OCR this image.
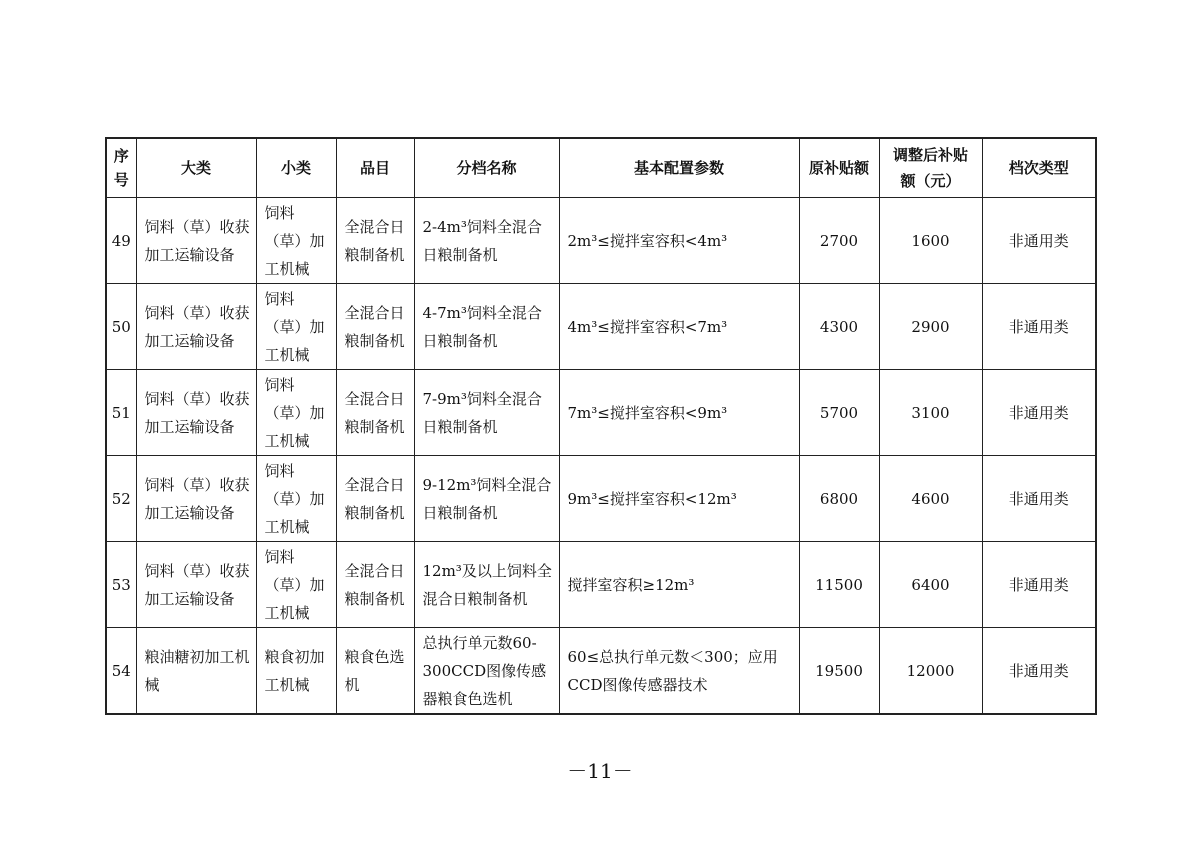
序号	大类	小类	品目	分档名称	基本配置参数	原补贴额	调整后补贴额（元）	档次类型
49	饲料（草）收获加工运输设备	饲料（草）加工机械	全混合日粮制备机	2-4m³饲料全混合日粮制备机	2m³≤搅拌室容积<4m³	2700	1600	非通用类
50	饲料（草）收获加工运输设备	饲料（草）加工机械	全混合日粮制备机	4-7m³饲料全混合日粮制备机	4m³≤搅拌室容积<7m³	4300	2900	非通用类
51	饲料（草）收获加工运输设备	饲料（草）加工机械	全混合日粮制备机	7-9m³饲料全混合日粮制备机	7m³≤搅拌室容积<9m³	5700	3100	非通用类
52	饲料（草）收获加工运输设备	饲料（草）加工机械	全混合日粮制备机	9-12m³饲料全混合日粮制备机	9m³≤搅拌室容积<12m³	6800	4600	非通用类
53	饲料（草）收获加工运输设备	饲料（草）加工机械	全混合日粮制备机	12m³及以上饲料全混合日粮制备机	搅拌室容积≥12m³	11500	6400	非通用类
54	粮油糖初加工机械	粮食初加工机械	粮食色选机	总执行单元数60-300CCD图像传感器粮食色选机	60≤总执行单元数＜300；应用CCD图像传感器技术	19500	12000	非通用类
－11－
